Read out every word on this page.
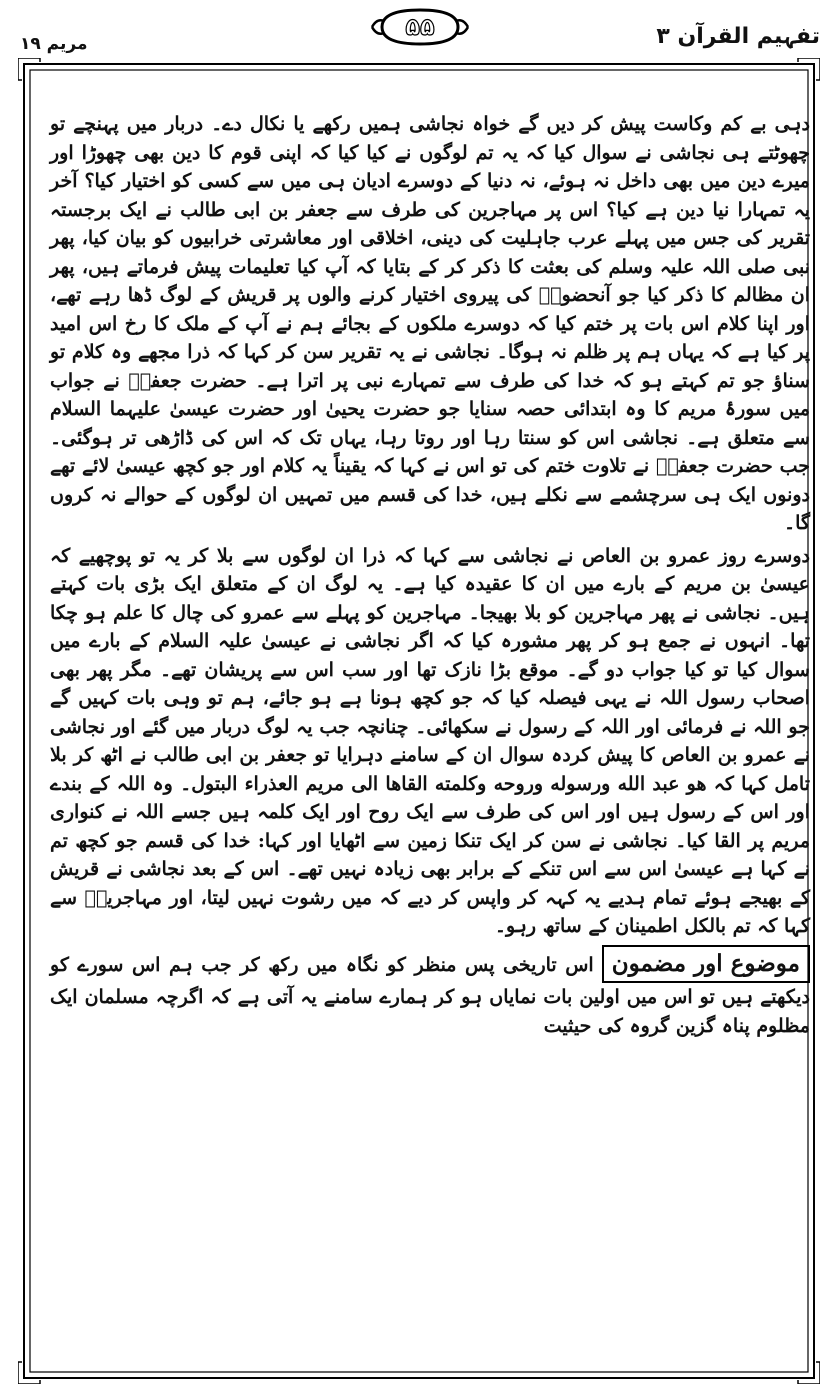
مریم ۱۹
۵۵	تفہیم القرآن ۳

دہی بے کم وکاست پیش کر دیں گے خواہ نجاشی ہمیں رکھے یا نکال دے۔ دربار میں پہنچے تو چھوٹتے ہی نجاشی نے سوال کیا کہ یہ تم لوگوں نے کیا کیا کہ اپنی قوم کا دین بھی چھوڑا اور میرے دین میں بھی داخل نہ ہوئے، نہ دنیا کے دوسرے ادیان ہی میں سے کسی کو اختیار کیا؟ آخر یہ تمہارا نیا دین ہے کیا؟ اس پر مہاجرین کی طرف سے جعفر بن ابی طالب نے ایک برجستہ تقریر کی جس میں پہلے عرب جاہلیت کی دینی، اخلاقی اور معاشرتی خرابیوں کو بیان کیا، پھر نبی صلی اللہ علیہ وسلم کی بعثت کا ذکر کر کے بتایا کہ آپ کیا تعلیمات پیش فرماتے ہیں، پھر ان مظالم کا ذکر کیا جو آنحضورؐ کی پیروی اختیار کرنے والوں پر قریش کے لوگ ڈھا رہے تھے، اور اپنا کلام اس بات پر ختم کیا کہ دوسرے ملکوں کے بجائے ہم نے آپ کے ملک کا رخ اس امید پر کیا ہے کہ یہاں ہم پر ظلم نہ ہوگا۔ نجاشی نے یہ تقریر سن کر کہا کہ ذرا مجھے وہ کلام تو سناؤ جو تم کہتے ہو کہ خدا کی طرف سے تمہارے نبی پر اترا ہے۔ حضرت جعفرؓ نے جواب میں سورۂ مریم کا وہ ابتدائی حصہ سنایا جو حضرت یحییٰ اور حضرت عیسیٰ علیہما السلام سے متعلق ہے۔ نجاشی اس کو سنتا رہا اور روتا رہا، یہاں تک کہ اس کی ڈاڑھی تر ہوگئی۔ جب حضرت جعفرؓ نے تلاوت ختم کی تو اس نے کہا کہ یقیناً یہ کلام اور جو کچھ عیسیٰ لائے تھے دونوں ایک ہی سرچشمے سے نکلے ہیں، خدا کی قسم میں تمہیں ان لوگوں کے حوالے نہ کروں گا۔

دوسرے روز عمرو بن العاص نے نجاشی سے کہا کہ ذرا ان لوگوں سے بلا کر یہ تو پوچھیے کہ عیسیٰ بن مریم کے بارے میں ان کا عقیدہ کیا ہے۔ یہ لوگ ان کے متعلق ایک بڑی بات کہتے ہیں۔ نجاشی نے پھر مہاجرین کو بلا بھیجا۔ مہاجرین کو پہلے سے عمرو کی چال کا علم ہو چکا تھا۔ انہوں نے جمع ہو کر پھر مشورہ کیا کہ اگر نجاشی نے عیسیٰ علیہ السلام کے بارے میں سوال کیا تو کیا جواب دو گے۔ موقع بڑا نازک تھا اور سب اس سے پریشان تھے۔ مگر پھر بھی اصحاب رسول اللہ نے یہی فیصلہ کیا کہ جو کچھ ہونا ہے ہو جائے، ہم تو وہی بات کہیں گے جو اللہ نے فرمائی اور اللہ کے رسول نے سکھائی۔ چنانچہ جب یہ لوگ دربار میں گئے اور نجاشی نے عمرو بن العاص کا پیش کردہ سوال ان کے سامنے دہرایا تو جعفر بن ابی طالب نے اٹھ کر بلا تامل کہا کہ هو عبد الله ورسوله وروحه وكلمته القاها الى مريم العذراء البتول۔ وہ اللہ کے بندے اور اس کے رسول ہیں اور اس کی طرف سے ایک روح اور ایک کلمہ ہیں جسے اللہ نے کنواری مریم پر القا کیا۔ نجاشی نے سن کر ایک تنکا زمین سے اٹھایا اور کہا: خدا کی قسم جو کچھ تم نے کہا ہے عیسیٰ اس سے اس تنکے کے برابر بھی زیادہ نہیں تھے۔ اس کے بعد نجاشی نے قریش کے بھیجے ہوئے تمام ہدیے یہ کہہ کر واپس کر دیے کہ میں رشوت نہیں لیتا، اور مہاجرینؓ سے کہا کہ تم بالکل اطمینان کے ساتھ رہو۔

موضوع اور مضموناس تاریخی پس منظر کو نگاہ میں رکھ کر جب ہم اس سورے کو دیکھتے ہیں تو اس میں اولین بات نمایاں ہو کر ہمارے سامنے یہ آتی ہے کہ اگرچہ مسلمان ایک مظلوم پناہ گزین گروہ کی حیثیت
